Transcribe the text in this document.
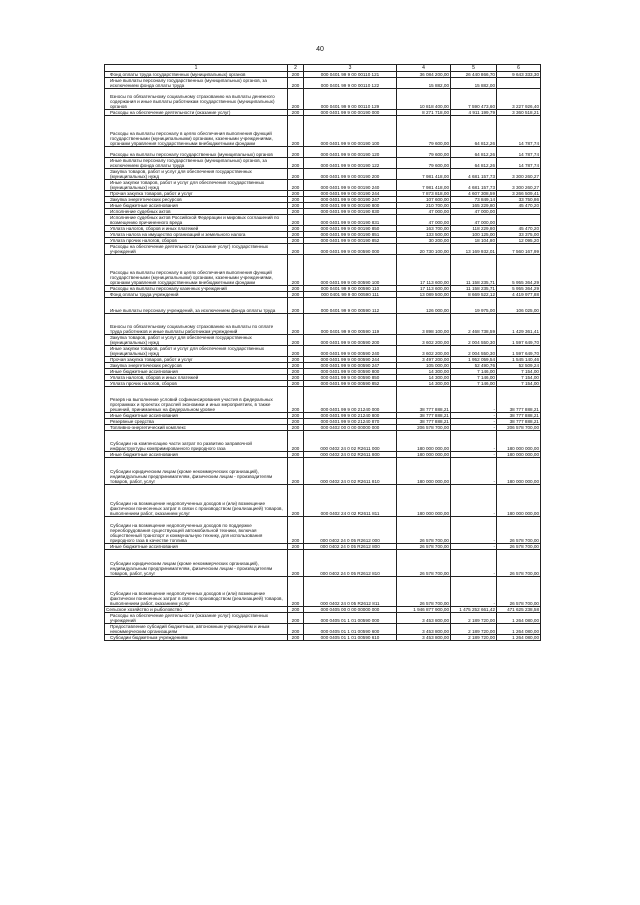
40
1	2	3	4	5	6
Фонд оплаты труда государственных (муниципальных) органов	200	000 0401 99 9 00 00110 121	36 084 200,00	26 440 866,70	9 643 333,30
Иные выплаты персоналу государственных (муниципальных) органов, за исключением фонда оплаты труда	200	000 0401 99 9 00 00110 122	15 882,00	15 882,00	
Взносы по обязательному социальному страхованию на выплаты денежного содержания и иные выплаты работникам государственных (муниципальных) органов	200	000 0401 99 9 00 00110 129	10 818 400,00	7 590 473,60	3 227 926,40
Расходы на обеспечение деятельности (оказание услуг)	200	000 0401 99 9 00 00190 000	8 271 718,00	4 911 199,79	3 360 518,21
Расходы на выплаты персоналу в целях обеспечения выполнения функций государственными (муниципальными) органами, казенными учреждениями, органами управления государственными внебюджетными фондами	200	000 0401 99 9 00 00190 100	79 600,00	64 812,26	14 787,74
Расходы на выплаты персоналу государственных (муниципальных) органов	200	000 0401 99 9 00 00190 120	79 600,00	64 812,26	14 787,74
Иные выплаты персоналу государственных (муниципальных) органов, за исключением фонда оплаты труда	200	000 0401 99 9 00 00190 122	79 600,00	64 812,26	14 787,74
Закупка товаров, работ и услуг для обеспечения государственных (муниципальных) нужд	200	000 0401 99 9 00 00190 200	7 981 418,00	4 681 157,73	3 300 260,27
Иные закупки товаров, работ и услуг для обеспечения государственных (муниципальных) нужд	200	000 0401 99 9 00 00190 240	7 981 418,00	4 681 157,73	3 300 260,27
Прочая закупка товаров, работ и услуг	200	000 0401 99 9 00 00190 244	7 873 818,00	4 607 308,59	3 266 509,41
Закупка энергетических ресурсов	200	000 0401 99 9 00 00190 247	107 600,00	73 849,14	33 750,86
Иные бюджетные ассигнования	200	000 0401 99 9 00 00190 800	210 700,00	165 229,80	45 470,20
Исполнение судебных актов	200	000 0401 99 9 00 00190 830	47 000,00	47 000,00	
Исполнение судебных актов Российской Федерации и мировых соглашений по возмещению причиненного вреда	200	000 0401 99 9 00 00190 831	47 000,00	47 000,00	
Уплата налогов, сборов и иных платежей	200	000 0401 99 9 00 00190 850	163 700,00	118 229,80	45 470,20
Уплата налога на имущество организаций и земельного налога	200	000 0401 99 9 00 00190 851	133 500,00	100 125,00	33 375,00
Уплата прочих налогов, сборов	200	000 0401 99 9 00 00190 852	30 200,00	18 104,80	12 095,20
Расходы на обеспечение деятельности (оказание услуг) государственных учреждений	200	000 0401 99 9 00 00590 000	20 730 100,00	13 169 932,01	7 560 167,99
Расходы на выплаты персоналу в целях обеспечения выполнения функций государственными (муниципальными) органами, казенными учреждениями, органами управления государственными внебюджетными фондами	200	000 0401 99 9 00 00590 100	17 113 600,00	11 158 235,71	5 955 364,29
Расходы на выплаты персоналу казенных учреждений	200	000 0401 99 9 00 00590 110	17 113 600,00	11 158 235,71	5 955 364,29
Фонд оплаты труда учреждений	200	000 0401 99 9 00 00590 111	13 089 500,00	8 669 522,12	4 419 977,88
Иные выплаты персоналу учреждений, за исключением фонда оплаты труда	200	000 0401 99 9 00 00590 112	126 000,00	19 975,00	106 025,00
Взносы по обязательному социальному страхованию на выплаты по оплате труда работников и иные выплаты работникам учреждений	200	000 0401 99 9 00 00590 119	3 898 100,00	2 468 738,59	1 429 361,41
Закупка товаров, работ и услуг для обеспечения государственных (муниципальных) нужд	200	000 0401 99 9 00 00590 200	3 602 200,00	2 004 550,30	1 597 649,70
Иные закупки товаров, работ и услуг для обеспечения государственных (муниципальных) нужд	200	000 0401 99 9 00 00590 240	3 602 200,00	2 004 550,30	1 597 649,70
Прочая закупка товаров, работ и услуг	200	000 0401 99 9 00 00590 244	3 497 200,00	1 952 059,54	1 545 140,46
Закупка энергетических ресурсов	200	000 0401 99 9 00 00590 247	105 000,00	52 490,76	52 509,24
Иные бюджетные ассигнования	200	000 0401 99 9 00 00590 800	14 300,00	7 146,00	7 154,00
Уплата налогов, сборов и иных платежей	200	000 0401 99 9 00 00590 850	14 300,00	7 146,00	7 154,00
Уплата прочих налогов, сборов	200	000 0401 99 9 00 00590 852	14 300,00	7 146,00	7 154,00
Резерв на выполнение условий софинансирования участия в федеральных программах и проектах отраслей экономики и иных мероприятиях, в также решений, принимаемых на федеральном уровне	200	000 0401 99 9 00 21240 000	38 777 888,21	-	38 777 888,21
Иные бюджетные ассигнования	200	000 0401 99 9 00 21240 800	38 777 888,21	-	38 777 888,21
Резервные средства	200	000 0401 99 9 00 21240 870	38 777 888,21	-	38 777 888,21
Топливно-энергетический комплекс	200	000 0402 00 0 00 00000 000	206 578 700,00	-	206 578 700,00
Субсидии на компенсацию части затрат по развитию заправочной инфраструктуры компримированного природного газа	200	000 0402 24 0 02 R2611 000	180 000 000,00	-	180 000 000,00
Иные бюджетные ассигнования	200	000 0402 24 0 02 R2611 800	180 000 000,00	-	180 000 000,00
Субсидии юридическим лицам (кроме некоммерческих организаций), индивидуальным предпринимателям, физическим лицам - производителям товаров, работ, услуг	200	000 0402 24 0 02 R2611 810	180 000 000,00	-	180 000 000,00
Субсидии на возмещение недополученных доходов и (или) возмещение фактически понесенных затрат в связи с производством (реализацией) товаров, выполнением работ, оказанием услуг	200	000 0402 24 0 02 R2611 811	180 000 000,00	-	180 000 000,00
Субсидии на возмещение недополученных доходов по поддержке переоборудования существующей автомобильной техники, включая общественный транспорт и коммунальную технику, для использования природного газа в качестве топлива	200	000 0402 24 0 05 R2612 000	26 578 700,00	-	26 578 700,00
Иные бюджетные ассигнования	200	000 0402 24 0 05 R2612 800	26 578 700,00	-	26 578 700,00
Субсидии юридическим лицам (кроме некоммерческих организаций), индивидуальным предпринимателям, физическим лицам - производителям товаров, работ, услуг	200	000 0402 24 0 05 R2612 810	26 578 700,00	-	26 578 700,00
Субсидии на возмещение недополученных доходов и (или) возмещение фактически понесенных затрат в связи с производством (реализацией) товаров, выполнением работ, оказанием услуг	200	000 0402 24 0 05 R2612 811	26 578 700,00	-	26 578 700,00
Сельское хозяйство и рыболовство	200	000 0405 00 0 00 00000 000	1 946 877 900,00	1 475 252 661,42	471 625 238,58
Расходы на обеспечение деятельности (оказание услуг) государственных учреждений	200	000 0405 01 1 01 00590 000	3 453 800,00	2 189 720,00	1 264 080,00
Предоставление субсидий бюджетным, автономным учреждениям и иным некоммерческим организациям	200	000 0405 01 1 01 00590 600	3 453 800,00	2 189 720,00	1 264 080,00
Субсидии бюджетным учреждениям	200	000 0405 01 1 01 00590 610	3 453 800,00	2 189 720,00	1 264 080,00
